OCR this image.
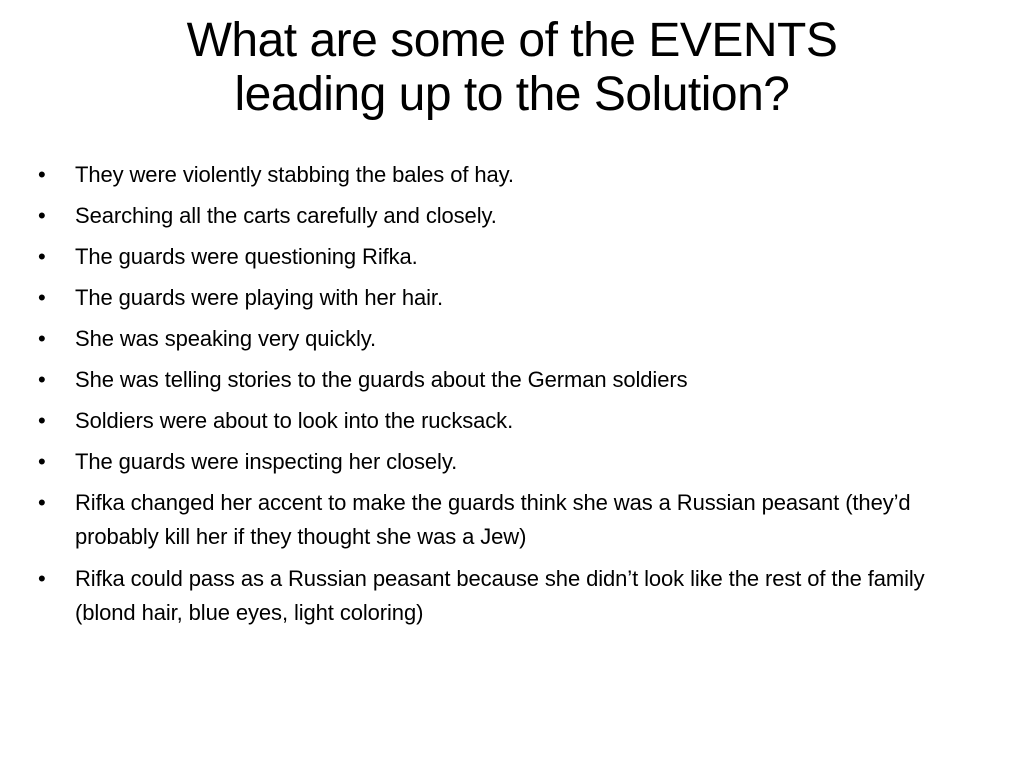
What are some of the EVENTS
leading up to the Solution?
• They were violently stabbing the bales of hay.
• Searching all the carts carefully and closely.
• The guards were questioning Rifka.
• The guards were playing with her hair.
• She was speaking very quickly.
• She was telling stories to the guards about the German soldiers
• Soldiers were about to look into the rucksack.
• The guards were inspecting her closely.
• Rifka changed her accent to make the guards think she was a Russian peasant (they’d probably kill her if they thought she was a Jew)
• Rifka could pass as a Russian peasant because she didn’t look like the rest of the family (blond hair, blue eyes, light coloring)
